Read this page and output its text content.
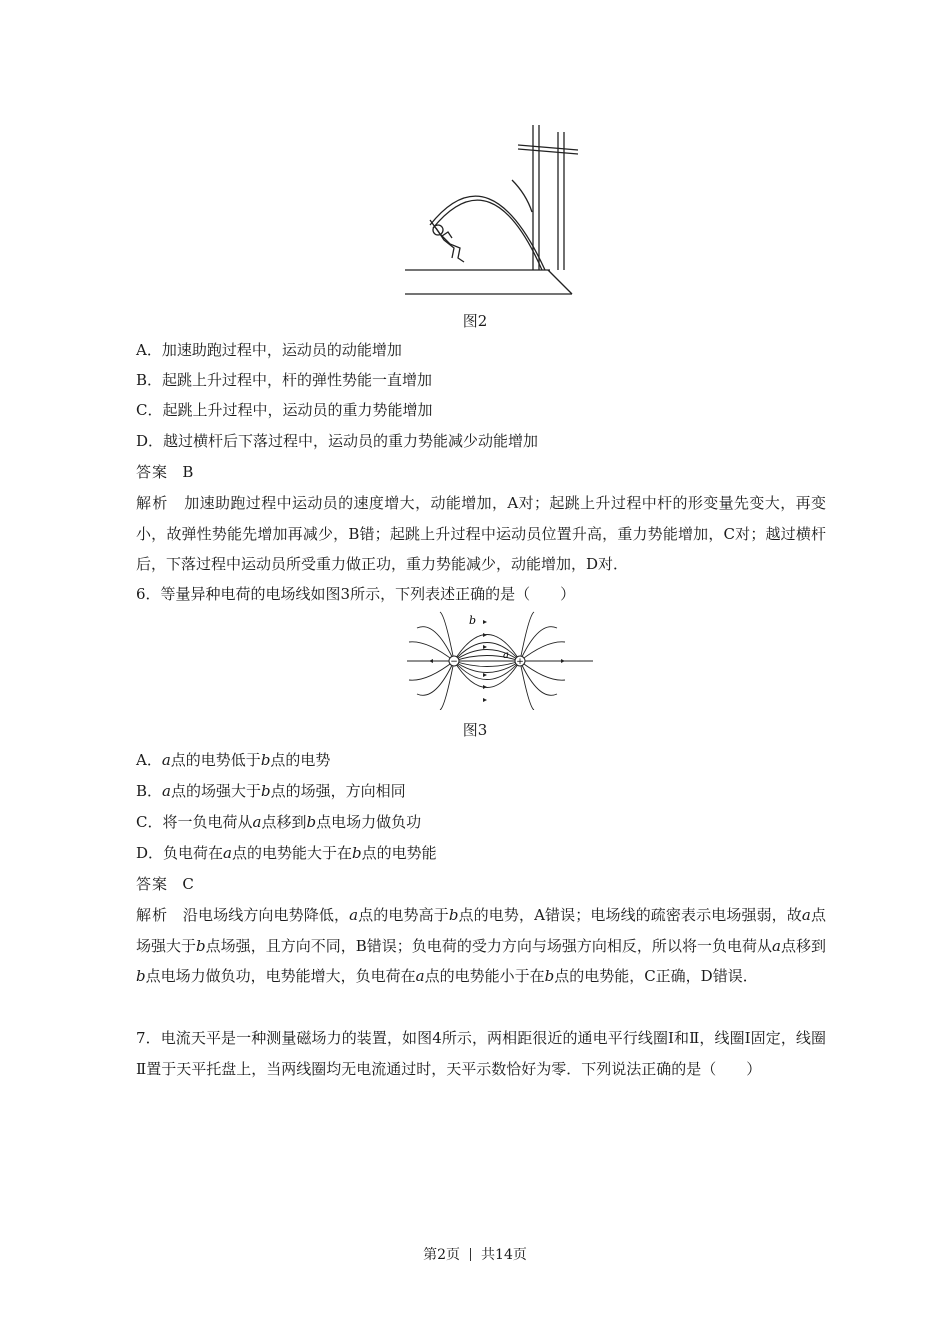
图2
A．加速助跑过程中，运动员的动能增加
B．起跳上升过程中，杆的弹性势能一直增加
C．起跳上升过程中，运动员的重力势能增加
D．越过横杆后下落过程中，运动员的重力势能减少动能增加
答案 B
解析 加速助跑过程中运动员的速度增大，动能增加，A对；起跳上升过程中杆的形变量先变大，再变小，故弹性势能先增加再减少，B错；起跳上升过程中运动员位置升高，重力势能增加，C对；越过横杆后，下落过程中运动员所受重力做正功，重力势能减少，动能增加，D对．
6．等量异种电荷的电场线如图3所示，下列表述正确的是（　　）
−	+
b
a
图3
A．a点的电势低于b点的电势
B．a点的场强大于b点的场强，方向相同
C．将一负电荷从a点移到b点电场力做负功
D．负电荷在a点的电势能大于在b点的电势能
答案 C
解析 沿电场线方向电势降低，a点的电势高于b点的电势，A错误；电场线的疏密表示电场强弱，故a点场强大于b点场强，且方向不同，B错误；负电荷的受力方向与场强方向相反，所以将一负电荷从a点移到b点电场力做负功，电势能增大，负电荷在a点的电势能小于在b点的电势能，C正确，D错误．
7．电流天平是一种测量磁场力的装置，如图4所示，两相距很近的通电平行线圈Ⅰ和Ⅱ，线圈Ⅰ固定，线圈Ⅱ置于天平托盘上，当两线圈均无电流通过时，天平示数恰好为零．下列说法正确的是（　　）
第2页 共14页
